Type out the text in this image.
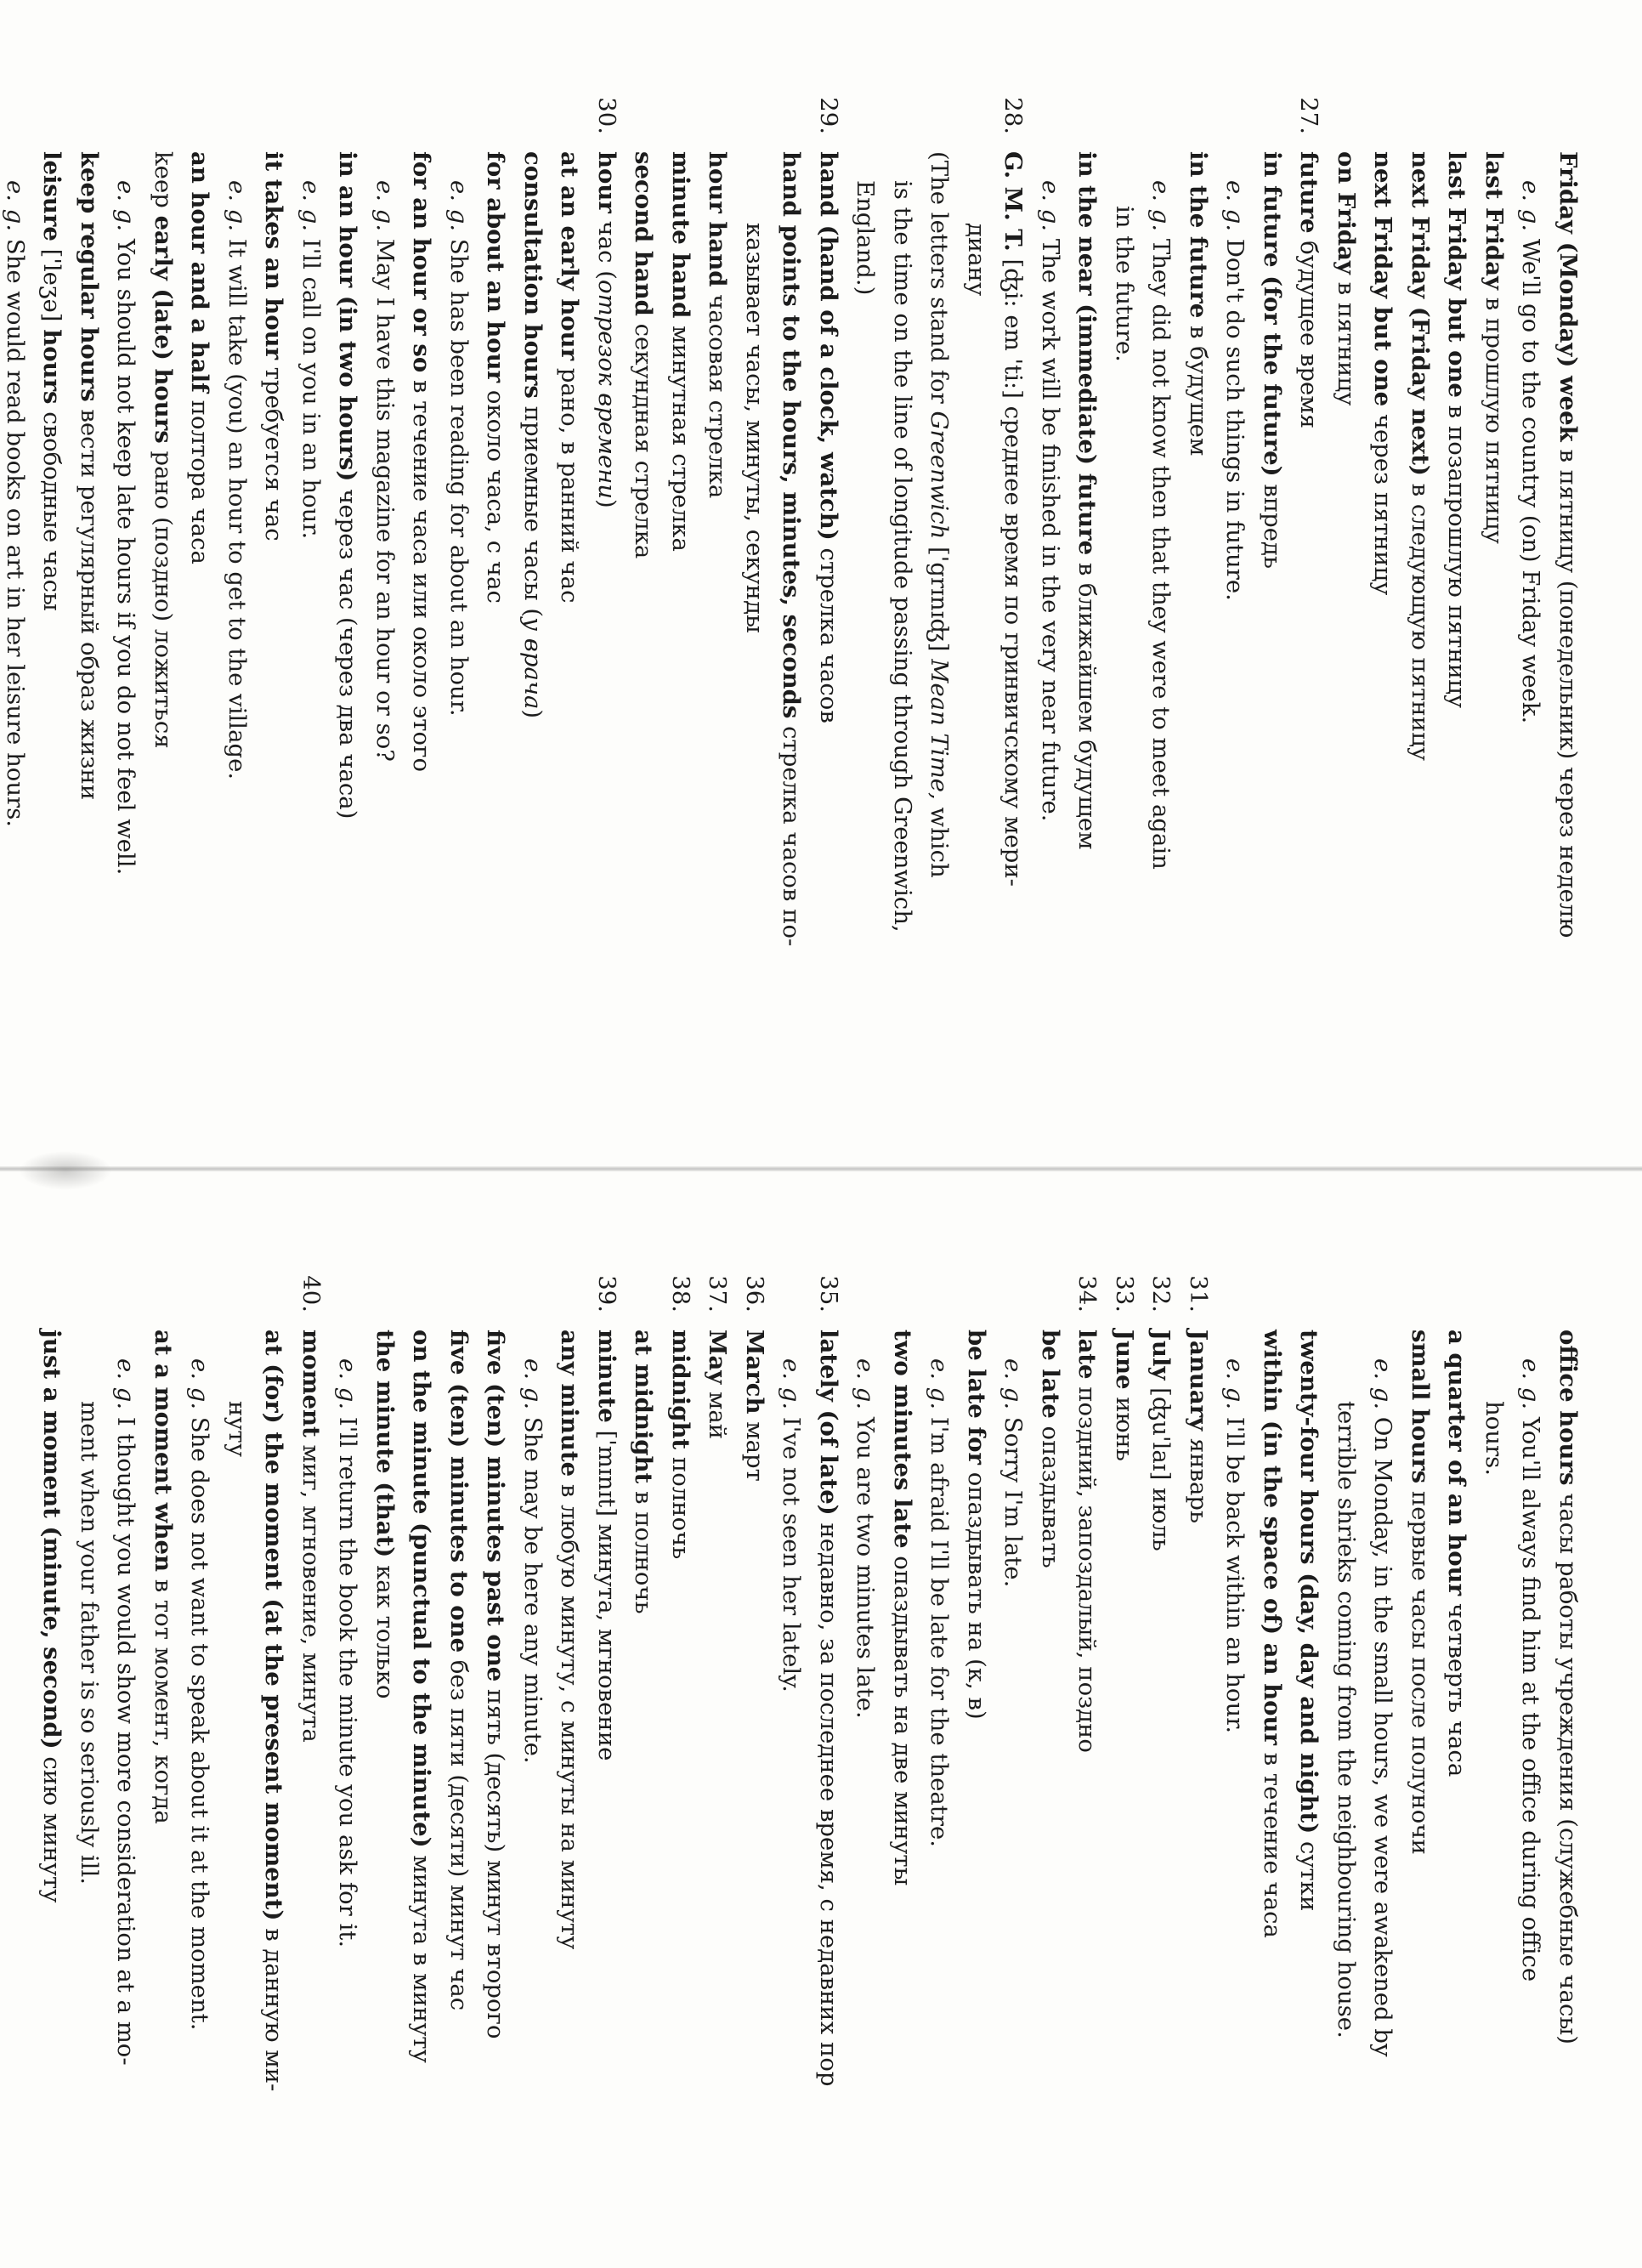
Friday (Monday) week в пятницу (понедельник) через неделю
e. g. We'll go to the country (on) Friday week.
last Friday в прошлую пятницу
last Friday but one в позапрошлую пятницу
next Friday (Friday next) в следующую пятницу
next Friday but one через пятницу
on Friday в пятницу
27.
future будущее время
in future (for the future) впредь
e. g. Don't do such things in future.
in the future в будущем
e. g. They did not know then that they were to meet again
in the future.
in the near (immediate) future в ближайшем будущем
e. g. The work will be finished in the very near future.
28.
G. M. T. [ʤi: em 'ti:] среднее время по гринвичскому мери-
диану
(The letters stand for Greenwich ['grɪnɪʤ] Mean Time, which
is the time on the line of longitude passing through Greenwich,
England.)
29.
hand (hand of a clock, watch) стрелка часов
hand points to the hours, minutes, seconds стрелка часов по-
казывает часы, минуты, секунды
hour hand часовая стрелка
minute hand минутная стрелка
second hand секундная стрелка
30.
hour час (отрезок времени)
at an early hour рано, в ранний час
consultation hours приемные часы (у врача)
for about an hour около часа, с час
e. g. She has been reading for about an hour.
for an hour or so в течение часа или около этого
e. g. May I have this magazine for an hour or so?
in an hour (in two hours) через час (через два часа)
e. g. I'll call on you in an hour.
it takes an hour требуется час
e. g. It will take (you) an hour to get to the village.
an hour and a half полтора часа
keep early (late) hours рано (поздно) ложиться
e. g. You should not keep late hours if you do not feel well.
keep regular hours вести регулярный образ жизни
leisure ['leʒə] hours свободные часы
e. g. She would read books on art in her leisure hours.
office hours часы работы учреждения (служебные часы)
e. g. You'll always find him at the office during office
hours.
a quarter of an hour четверть часа
small hours первые часы после полуночи
e. g. On Monday, in the small hours, we were awakened by
terrible shrieks coming from the neighbouring house.
twenty-four hours (day, day and night) сутки
within (in the space of) an hour в течение часа
e. g. I'll be back within an hour.
31.
January январь
32.
July [ʤu'laɪ] июль
33.
June июнь
34.
late поздний, запоздалый, поздно
be late опаздывать
e. g. Sorry I'm late.
be late for опаздывать на (к, в)
e. g. I'm afraid I'll be late for the theatre.
two minutes late опаздывать на две минуты
e. g. You are two minutes late.
35.
lately (of late) недавно, за последнее время, с недавних пор
e. g. I've not seen her lately.
36.
March март
37.
May май
38.
midnight полночь
at midnight в полночь
39.
minute ['mɪnɪt] минута, мгновение
any minute в любую минуту, с минуты на минуту
e. g. She may be here any minute.
five (ten) minutes past one пять (десять) минут второго
five (ten) minutes to one без пяти (десяти) минут час
on the minute (punctual to the minute) минута в минуту
the minute (that) как только
e. g. I'll return the book the minute you ask for it.
40.
moment миг, мгновение, минута
at (for) the moment (at the present moment) в данную ми-
нуту
e. g. She does not want to speak about it at the moment.
at a moment when в тот момент, когда
e. g. I thought you would show more consideration at a mo-
ment when your father is so seriously ill.
just a moment (minute, second) сию минуту
